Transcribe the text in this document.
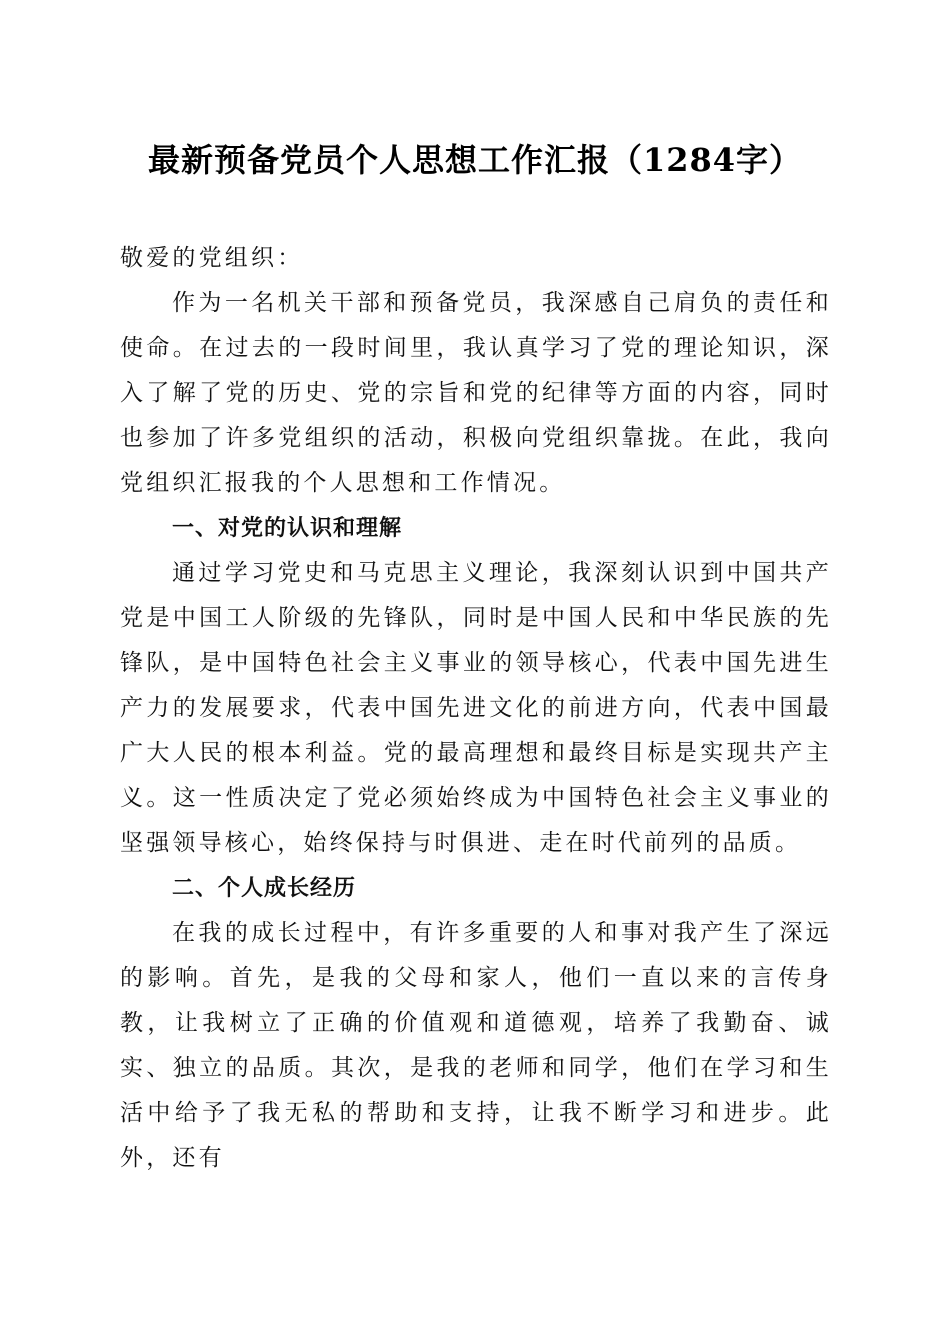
最新预备党员个人思想工作汇报（1284字）

敬爱的党组织：

作为一名机关干部和预备党员，我深感自己肩负的责任和使命。在过去的一段时间里，我认真学习了党的理论知识，深入了解了党的历史、党的宗旨和党的纪律等方面的内容，同时也参加了许多党组织的活动，积极向党组织靠拢。在此，我向党组织汇报我的个人思想和工作情况。

一、对党的认识和理解

通过学习党史和马克思主义理论，我深刻认识到中国共产党是中国工人阶级的先锋队，同时是中国人民和中华民族的先锋队，是中国特色社会主义事业的领导核心，代表中国先进生产力的发展要求，代表中国先进文化的前进方向，代表中国最广大人民的根本利益。党的最高理想和最终目标是实现共产主义。这一性质决定了党必须始终成为中国特色社会主义事业的坚强领导核心，始终保持与时俱进、走在时代前列的品质。

二、个人成长经历

在我的成长过程中，有许多重要的人和事对我产生了深远的影响。首先，是我的父母和家人，他们一直以来的言传身教，让我树立了正确的价值观和道德观，培养了我勤奋、诚实、独立的品质。其次，是我的老师和同学，他们在学习和生活中给予了我无私的帮助和支持，让我不断学习和进步。此外，还有
